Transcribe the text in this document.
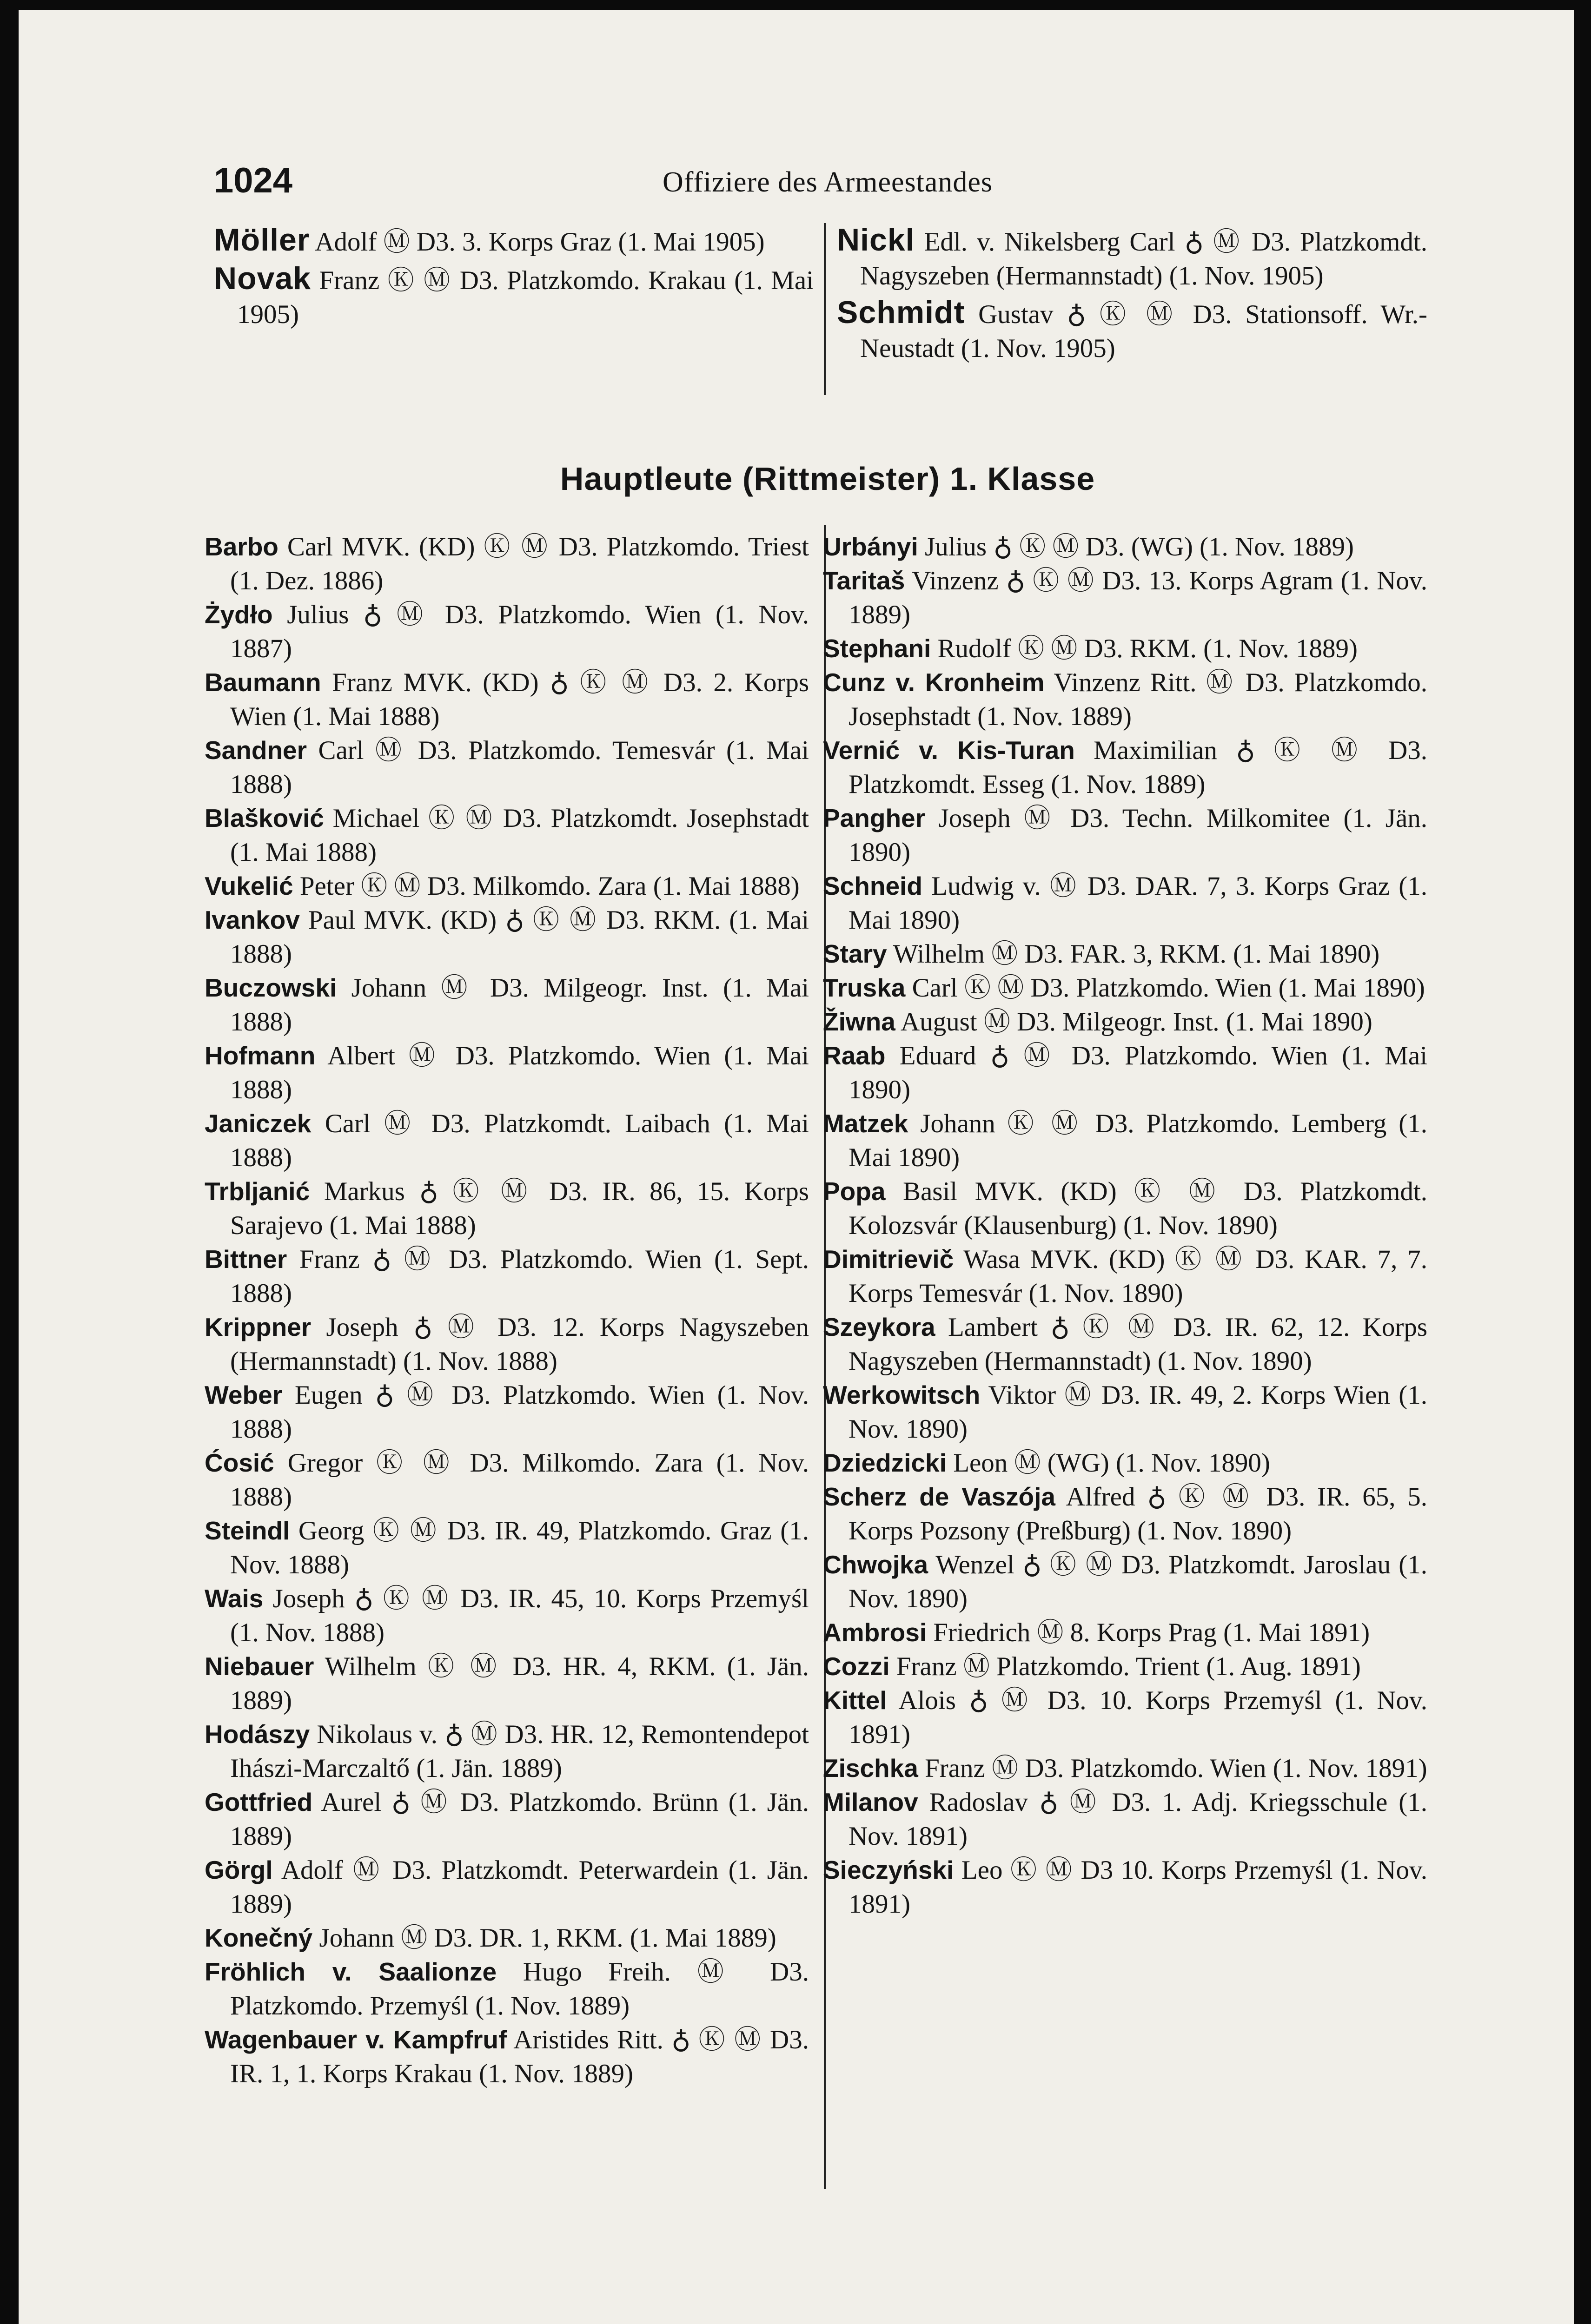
1024	Offiziere des Armeestandes

Möller Adolf Ⓜ D3. 3. Korps Graz (1. Mai 1905)

Novak Franz Ⓚ Ⓜ D3. Platzkomdo. Krakau (1. Mai 1905)

Nickl Edl. v. Nikelsberg Carl ♁ Ⓜ D3. Platzkomdt. Nagyszeben (Hermannstadt) (1. Nov. 1905)

Schmidt Gustav ♁ Ⓚ Ⓜ D3. Stationsoff. Wr.-Neustadt (1. Nov. 1905)

Hauptleute (Rittmeister) 1. Klasse

Barbo Carl MVK. (KD) Ⓚ Ⓜ D3. Platzkomdo. Triest (1. Dez. 1886)

Żydło Julius ♁ Ⓜ D3. Platzkomdo. Wien (1. Nov. 1887)

Baumann Franz MVK. (KD) ♁ Ⓚ Ⓜ D3. 2. Korps Wien (1. Mai 1888)

Sandner Carl Ⓜ D3. Platzkomdo. Temesvár (1. Mai 1888)

Blašković Michael Ⓚ Ⓜ D3. Platzkomdt. Josephstadt (1. Mai 1888)

Vukelić Peter Ⓚ Ⓜ D3. Milkomdo. Zara (1. Mai 1888)

Ivankov Paul MVK. (KD) ♁ Ⓚ Ⓜ D3. RKM. (1. Mai 1888)

Buczowski Johann Ⓜ D3. Milgeogr. Inst. (1. Mai 1888)

Hofmann Albert Ⓜ D3. Platzkomdo. Wien (1. Mai 1888)

Janiczek Carl Ⓜ D3. Platzkomdt. Laibach (1. Mai 1888)

Trbljanić Markus ♁ Ⓚ Ⓜ D3. IR. 86, 15. Korps Sarajevo (1. Mai 1888)

Bittner Franz ♁ Ⓜ D3. Platzkomdo. Wien (1. Sept. 1888)

Krippner Joseph ♁ Ⓜ D3. 12. Korps Nagyszeben (Hermannstadt) (1. Nov. 1888)

Weber Eugen ♁ Ⓜ D3. Platzkomdo. Wien (1. Nov. 1888)

Ćosić Gregor Ⓚ Ⓜ D3. Milkomdo. Zara (1. Nov. 1888)

Steindl Georg Ⓚ Ⓜ D3. IR. 49, Platzkomdo. Graz (1. Nov. 1888)

Wais Joseph ♁ Ⓚ Ⓜ D3. IR. 45, 10. Korps Przemyśl (1. Nov. 1888)

Niebauer Wilhelm Ⓚ Ⓜ D3. HR. 4, RKM. (1. Jän. 1889)

Hodászy Nikolaus v. ♁ Ⓜ D3. HR. 12, Remontendepot Ihászi-Marczaltő (1. Jän. 1889)

Gottfried Aurel ♁ Ⓜ D3. Platzkomdo. Brünn (1. Jän. 1889)

Görgl Adolf Ⓜ D3. Platzkomdt. Peterwardein (1. Jän. 1889)

Konečný Johann Ⓜ D3. DR. 1, RKM. (1. Mai 1889)

Fröhlich v. Saalionze Hugo Freih. Ⓜ D3. Platzkomdo. Przemyśl (1. Nov. 1889)

Wagenbauer v. Kampfruf Aristides Ritt. ♁ Ⓚ Ⓜ D3. IR. 1, 1. Korps Krakau (1. Nov. 1889)

Urbányi Julius ♁ Ⓚ Ⓜ D3. (WG) (1. Nov. 1889)

Taritaš Vinzenz ♁ Ⓚ Ⓜ D3. 13. Korps Agram (1. Nov. 1889)

Stephani Rudolf Ⓚ Ⓜ D3. RKM. (1. Nov. 1889)

Cunz v. Kronheim Vinzenz Ritt. Ⓜ D3. Platzkomdo. Josephstadt (1. Nov. 1889)

Vernić v. Kis-Turan Maximilian ♁ Ⓚ Ⓜ D3. Platzkomdt. Esseg (1. Nov. 1889)

Pangher Joseph Ⓜ D3. Techn. Milkomitee (1. Jän. 1890)

Schneid Ludwig v. Ⓜ D3. DAR. 7, 3. Korps Graz (1. Mai 1890)

Stary Wilhelm Ⓜ D3. FAR. 3, RKM. (1. Mai 1890)

Truska Carl Ⓚ Ⓜ D3. Platzkomdo. Wien (1. Mai 1890)

Žiwna August Ⓜ D3. Milgeogr. Inst. (1. Mai 1890)

Raab Eduard ♁ Ⓜ D3. Platzkomdo. Wien (1. Mai 1890)

Matzek Johann Ⓚ Ⓜ D3. Platzkomdo. Lemberg (1. Mai 1890)

Popa Basil MVK. (KD) Ⓚ Ⓜ D3. Platzkomdt. Kolozsvár (Klausenburg) (1. Nov. 1890)

Dimitrievič Wasa MVK. (KD) Ⓚ Ⓜ D3. KAR. 7, 7. Korps Temesvár (1. Nov. 1890)

Szeykora Lambert ♁ Ⓚ Ⓜ D3. IR. 62, 12. Korps Nagyszeben (Hermannstadt) (1. Nov. 1890)

Werkowitsch Viktor Ⓜ D3. IR. 49, 2. Korps Wien (1. Nov. 1890)

Dziedzicki Leon Ⓜ (WG) (1. Nov. 1890)

Scherz de Vaszója Alfred ♁ Ⓚ Ⓜ D3. IR. 65, 5. Korps Pozsony (Preßburg) (1. Nov. 1890)

Chwojka Wenzel ♁ Ⓚ Ⓜ D3. Platzkomdt. Jaroslau (1. Nov. 1890)

Ambrosi Friedrich Ⓜ 8. Korps Prag (1. Mai 1891)

Cozzi Franz Ⓜ Platzkomdo. Trient (1. Aug. 1891)

Kittel Alois ♁ Ⓜ D3. 10. Korps Przemyśl (1. Nov. 1891)

Zischka Franz Ⓜ D3. Platzkomdo. Wien (1. Nov. 1891)

Milanov Radoslav ♁ Ⓜ D3. 1. Adj. Kriegsschule (1. Nov. 1891)

Sieczyński Leo Ⓚ Ⓜ D3 10. Korps Przemyśl (1. Nov. 1891)
